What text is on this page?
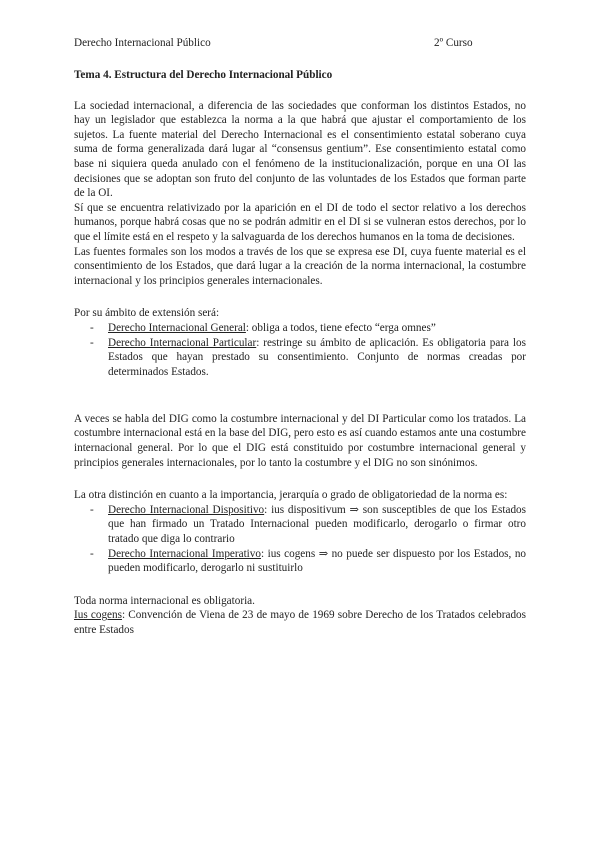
Derecho Internacional Público	2º Curso
Tema 4. Estructura del Derecho Internacional Público

La sociedad internacional, a diferencia de las sociedades que conforman los distintos Estados, no hay un legislador que establezca la norma a la que habrá que ajustar el comportamiento de los sujetos. La fuente material del Derecho Internacional es el consentimiento estatal soberano cuya suma de forma generalizada dará lugar al “consensus gentium”. Ese consentimiento estatal como base ni siquiera queda anulado con el fenómeno de la institucionalización, porque en una OI las decisiones que se adoptan son fruto del conjunto de las voluntades de los Estados que forman parte de la OI.

Sí que se encuentra relativizado por la aparición en el DI de todo el sector relativo a los derechos humanos, porque habrá cosas que no se podrán admitir en el DI si se vulneran estos derechos, por lo que el límite está en el respeto y la salvaguarda de los derechos humanos en la toma de decisiones.

Las fuentes formales son los modos a través de los que se expresa ese DI, cuya fuente material es el consentimiento de los Estados, que dará lugar a la creación de la norma internacional, la costumbre internacional y los principios generales internacionales.

Por su ámbito de extensión será:

- Derecho Internacional General: obliga a todos, tiene efecto “erga omnes”
- Derecho Internacional Particular: restringe su ámbito de aplicación. Es obligatoria para los Estados que hayan prestado su consentimiento. Conjunto de normas creadas por determinados Estados.

A veces se habla del DIG como la costumbre internacional y del DI Particular como los tratados. La costumbre internacional está en la base del DIG, pero esto es así cuando estamos ante una costumbre internacional general. Por lo que el DIG está constituido por costumbre internacional general y principios generales internacionales, por lo tanto la costumbre y el DIG no son sinónimos.

La otra distinción en cuanto a la importancia, jerarquía o grado de obligatoriedad de la norma es:

- Derecho Internacional Dispositivo: ius dispositivum ⇒ son susceptibles de que los Estados que han firmado un Tratado Internacional pueden modificarlo, derogarlo o firmar otro tratado que diga lo contrario
- Derecho Internacional Imperativo: ius cogens ⇒ no puede ser dispuesto por los Estados, no pueden modificarlo, derogarlo ni sustituirlo

Toda norma internacional es obligatoria.

Ius cogens: Convención de Viena de 23 de mayo de 1969 sobre Derecho de los Tratados celebrados entre Estados
